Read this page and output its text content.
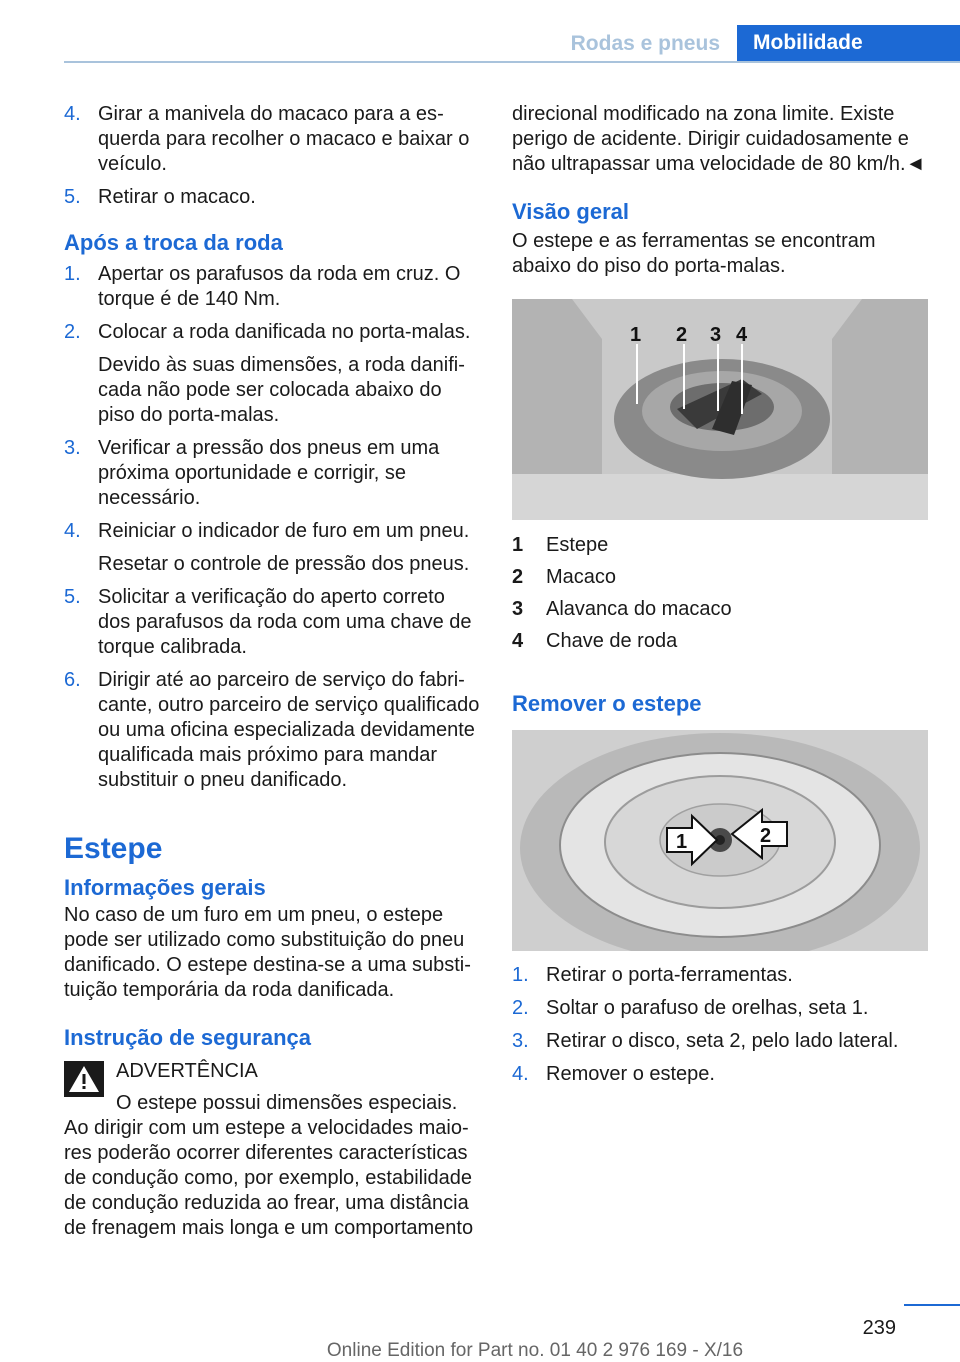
Rodas e pneus	Mobilidade
4. Girar a manivela do macaco para a esquerda para recolher o macaco e baixar o veículo.
5. Retirar o macaco.
Após a troca da roda
1. Apertar os parafusos da roda em cruz. O torque é de 140 Nm.
2. Colocar a roda danificada no porta-malas.
Devido às suas dimensões, a roda danificada não pode ser colocada abaixo do piso do porta-malas.
3. Verificar a pressão dos pneus em uma próxima oportunidade e corrigir, se necessário.
4. Reiniciar o indicador de furo em um pneu.
Resetar o controle de pressão dos pneus.
5. Solicitar a verificação do aperto correto dos parafusos da roda com uma chave de torque calibrada.
6. Dirigir até ao parceiro de serviço do fabricante, outro parceiro de serviço qualificado ou uma oficina especializada devidamente qualificada mais próximo para mandar substituir o pneu danificado.
Estepe
Informações gerais

No caso de um furo em um pneu, o estepe pode ser utilizado como substituição do pneu danificado. O estepe destina-se a uma substituição temporária da roda danificada.

Instrução de segurança

ADVERTÊNCIA

O estepe possui dimensões especiais.

Ao dirigir com um estepe a velocidades maiores poderão ocorrer diferentes características de condução como, por exemplo, estabilidade de condução reduzida ao frear, uma distância de frenagem mais longa e um comportamento

direcional modificado na zona limite. Existe perigo de acidente. Dirigir cuidadosamente e não ultrapassar uma velocidade de 80 km/h.◄

Visão geral

O estepe e as ferramentas se encontram abaixo do piso do porta-malas.

1 2 3 4
1	Estepe
2	Macaco
3	Alavanca do macaco
4	Chave de roda
Remover o estepe
1	2
1. Retirar o porta-ferramentas.
2. Soltar o parafuso de orelhas, seta 1.
3. Retirar o disco, seta 2, pelo lado lateral.
4. Remover o estepe.
239
Online Edition for Part no. 01 40 2 976 169 - X/16
